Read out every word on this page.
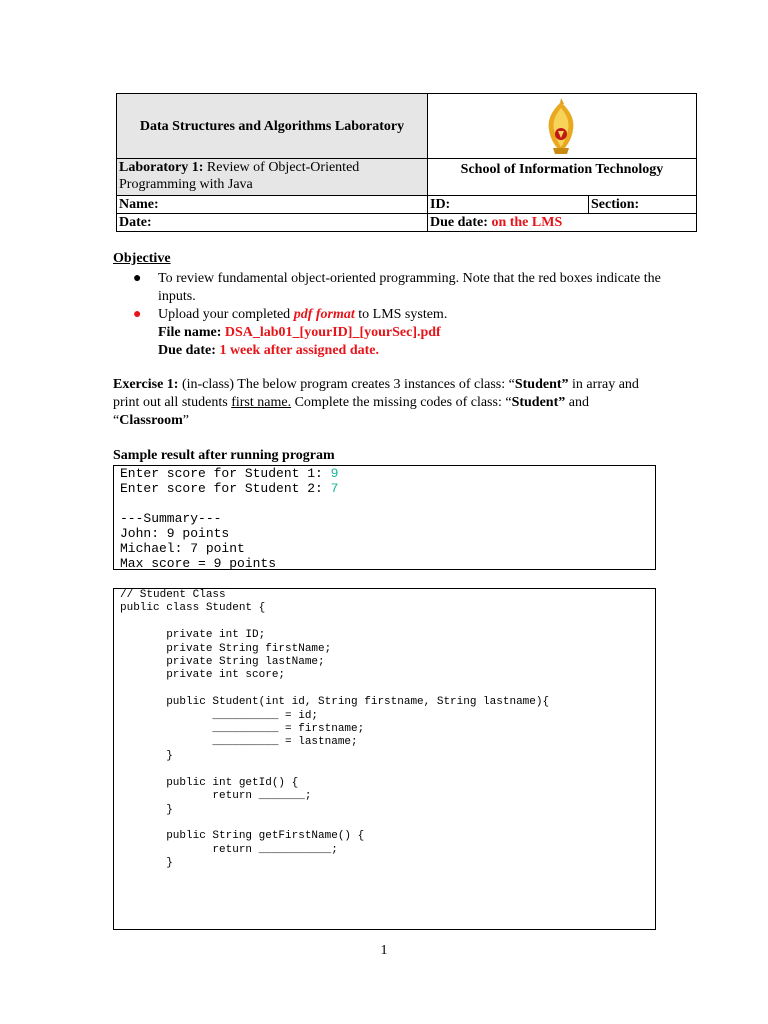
Data Structures and Algorithms Laboratory	

Laboratory 1: Review of Object-Oriented Programming with Java	School of Information Technology	
Name:	ID:	Section:
Date:	Due date: on the LMS	
Objective
● To review fundamental object-oriented programming. Note that the red boxes indicate the inputs.
● Upload your completed pdf format to LMS system.
File name: DSA_lab01_[yourID]_[yourSec].pdf
Due date: 1 week after assigned date.
Exercise 1: (in-class) The below program creates 3 instances of class: “Student” in array and print out all students first name. Complete the missing codes of class: “Student” and “Classroom”
Sample result after running program
Enter score for Student 1: 9
Enter score for Student 2: 7

---Summary---
John: 9 points
Michael: 7 point
Max score = 9 points
// Student Class
public class Student {

private int ID;
private String firstName;
private String lastName;
private int score;

public Student(int id, String firstname, String lastname){
__________ = id;
__________ = firstname;
__________ = lastname;
}

public int getId() {
return _______;
}

public String getFirstName() {
return ___________;
}
1
